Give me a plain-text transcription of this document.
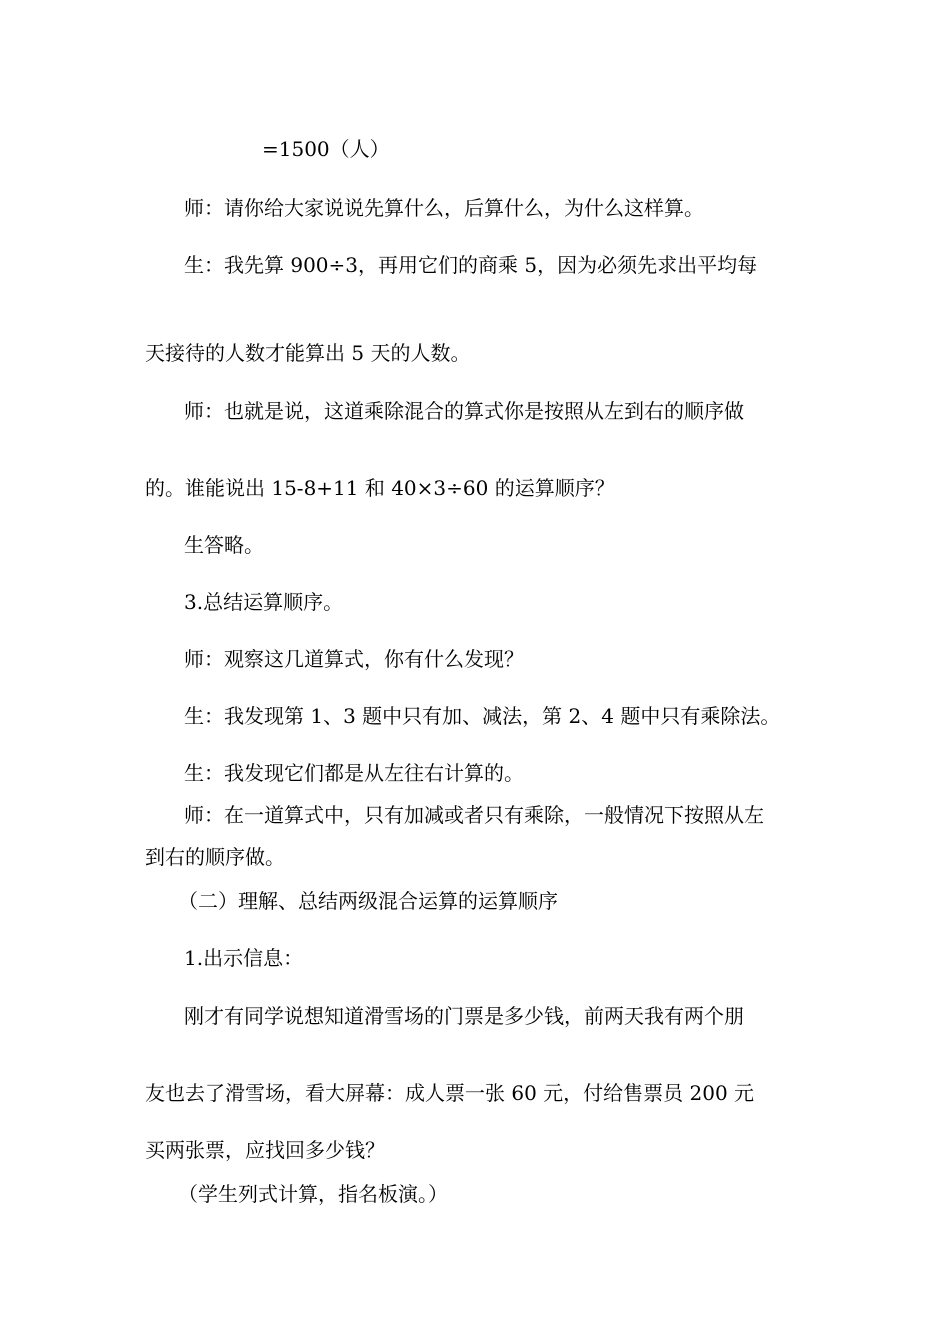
=1500（人）

师：请你给大家说说先算什么，后算什么，为什么这样算。

生：我先算 900÷3，再用它们的商乘 5，因为必须先求出平均每

天接待的人数才能算出 5 天的人数。

师：也就是说，这道乘除混合的算式你是按照从左到右的顺序做

的。谁能说出 15-8+11 和 40×3÷60 的运算顺序？

生答略。

3.总结运算顺序。

师：观察这几道算式，你有什么发现？

生：我发现第 1、3 题中只有加、减法，第 2、4 题中只有乘除法。

生：我发现它们都是从左往右计算的。

师：在一道算式中，只有加减或者只有乘除，一般情况下按照从左

到右的顺序做。

（二）理解、总结两级混合运算的运算顺序

1.出示信息：

刚才有同学说想知道滑雪场的门票是多少钱，前两天我有两个朋

友也去了滑雪场，看大屏幕：成人票一张 60 元，付给售票员 200 元

买两张票，应找回多少钱？

（学生列式计算，指名板演。）
